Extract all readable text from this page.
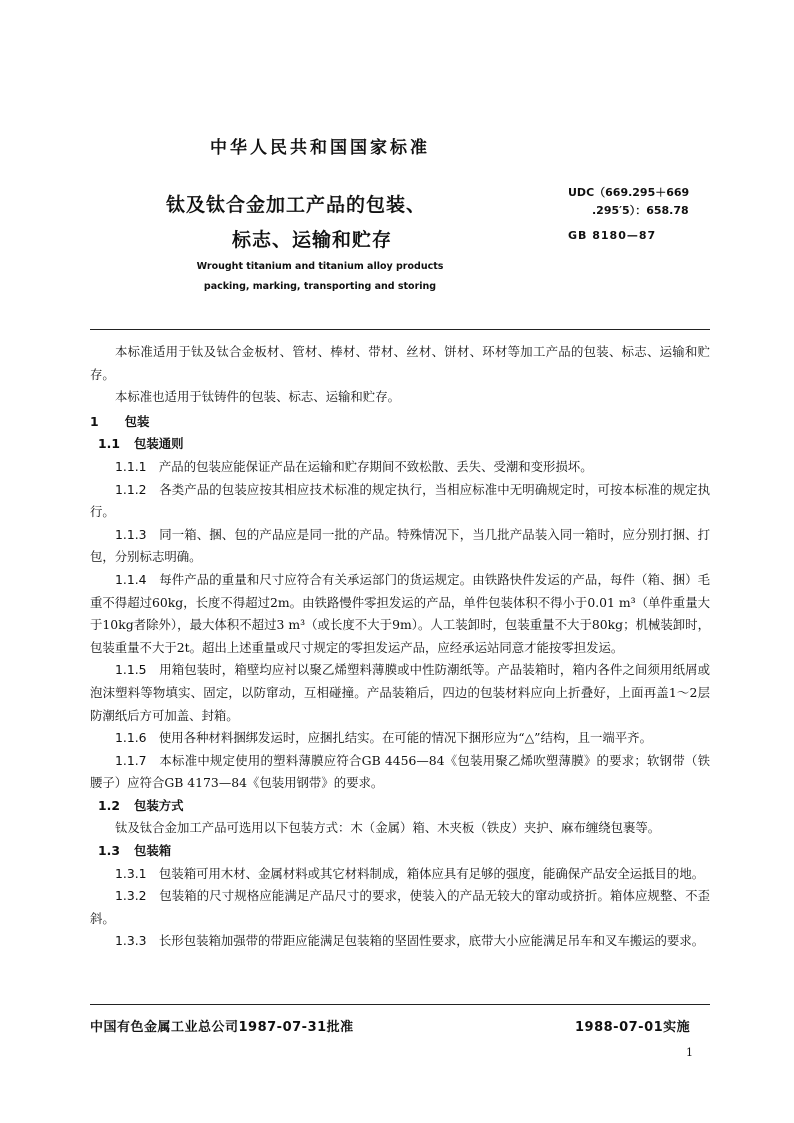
中华人民共和国国家标准
钛及钛合金加工产品的包装、
标志、运输和贮存
UDC（669.295＋669
.295′5）：658.78
GB 8180—87
Wrought titanium and titanium alloy products
packing, marking, transporting and storing

本标准适用于钛及钛合金板材、管材、棒材、带材、丝材、饼材、环材等加工产品的包装、标志、运输和贮存。

本标准也适用于钛铸件的包装、标志、运输和贮存。

1 包装

1.1 包装通则

1.1.1　 产品的包装应能保证产品在运输和贮存期间不致松散、丢失、受潮和变形损坏。

1.1.2　 各类产品的包装应按其相应技术标准的规定执行，当相应标准中无明确规定时，可按本标准的规定执行。

1.1.3　 同一箱、捆、包的产品应是同一批的产品。特殊情况下，当几批产品装入同一箱时，应分别打捆、打包，分别标志明确。

1.1.4　 每件产品的重量和尺寸应符合有关承运部门的货运规定。由铁路快件发运的产品，每件（箱、捆）毛重不得超过60kg，长度不得超过2m。由铁路慢件零担发运的产品，单件包装体积不得小于0.01 m³（单件重量大于10kg者除外），最大体积不超过3 m³（或长度不大于9m）。人工装卸时，包装重量不大于80kg；机械装卸时，包装重量不大于2t。超出上述重量或尺寸规定的零担发运产品，应经承运站同意才能按零担发运。

1.1.5　 用箱包装时，箱壁均应衬以聚乙烯塑料薄膜或中性防潮纸等。产品装箱时，箱内各件之间须用纸屑或泡沫塑料等物填实、固定，以防窜动，互相碰撞。产品装箱后，四边的包装材料应向上折叠好，上面再盖1～2层防潮纸后方可加盖、封箱。

1.1.6　 使用各种材料捆绑发运时，应捆扎结实。在可能的情况下捆形应为“△”结构，且一端平齐。

1.1.7　 本标准中规定使用的塑料薄膜应符合GB 4456—84《包装用聚乙烯吹塑薄膜》的要求；软钢带（铁腰子）应符合GB 4173—84《包装用钢带》的要求。

1.2 包装方式

钛及钛合金加工产品可选用以下包装方式：木（金属）箱、木夹板（铁皮）夹护、麻布缠绕包裹等。

1.3 包装箱

1.3.1　 包装箱可用木材、金属材料或其它材料制成，箱体应具有足够的强度，能确保产品安全运抵目的地。

1.3.2　 包装箱的尺寸规格应能满足产品尺寸的要求，使装入的产品无较大的窜动或挤折。箱体应规整、不歪斜。

1.3.3　 长形包装箱加强带的带距应能满足包装箱的坚固性要求，底带大小应能满足吊车和叉车搬运的要求。

中国有色金属工业总公司1987-07-31批准	1988-07-01实施
1
